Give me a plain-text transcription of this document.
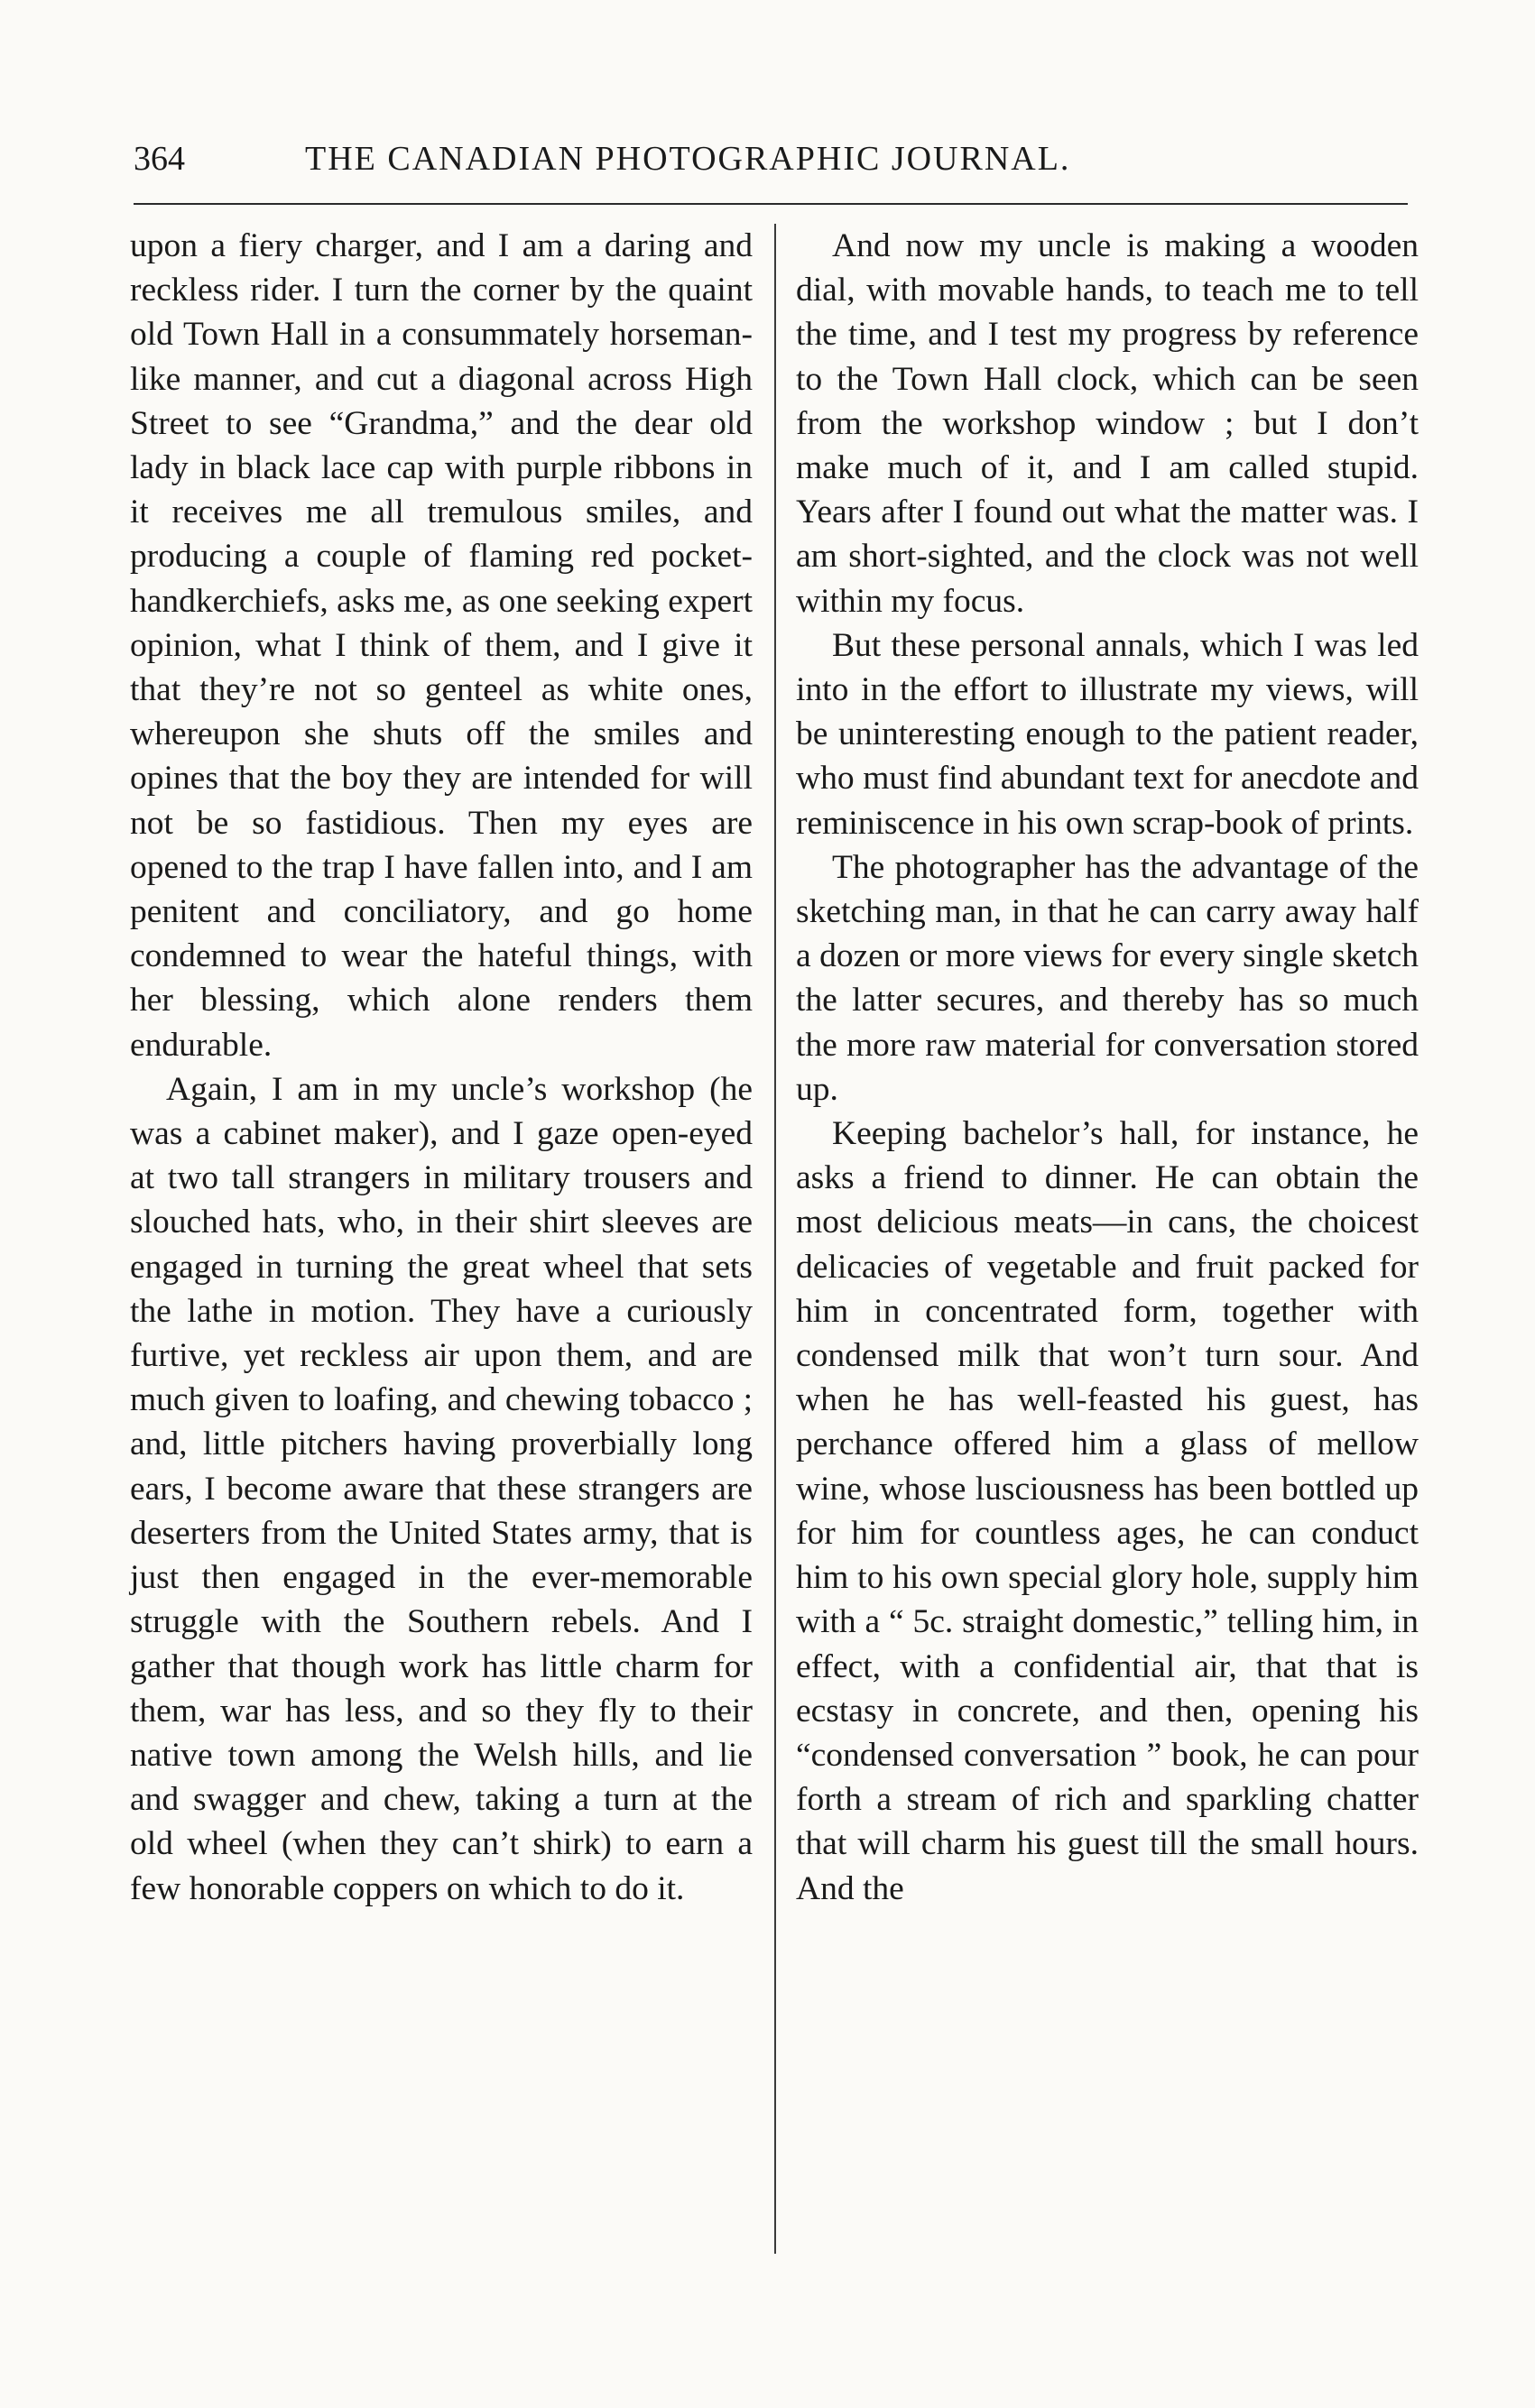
364	THE CANADIAN PHOTOGRAPHIC JOURNAL.

upon a fiery charger, and I am a daring and reckless rider. I turn the corner by the quaint old Town Hall in a consummately horseman-like manner, and cut a diagonal across High Street to see “Grandma,” and the dear old lady in black lace cap with purple ribbons in it receives me all tremulous smiles, and producing a couple of flaming red pocket-handkerchiefs, asks me, as one seeking expert opinion, what I think of them, and I give it that they’re not so genteel as white ones, whereupon she shuts off the smiles and opines that the boy they are intended for will not be so fastidious. Then my eyes are opened to the trap I have fallen into, and I am penitent and conciliatory, and go home condemned to wear the hateful things, with her blessing, which alone renders them endurable.

Again, I am in my uncle’s workshop (he was a cabinet maker), and I gaze open-eyed at two tall strangers in military trousers and slouched hats, who, in their shirt sleeves are engaged in turning the great wheel that sets the lathe in motion. They have a curiously furtive, yet reckless air upon them, and are much given to loafing, and chewing tobacco ; and, little pitchers having proverbially long ears, I become aware that these strangers are deserters from the United States army, that is just then engaged in the ever-memorable struggle with the Southern rebels. And I gather that though work has little charm for them, war has less, and so they fly to their native town among the Welsh hills, and lie and swagger and chew, taking a turn at the old wheel (when they can’t shirk) to earn a few honorable coppers on which to do it.

And now my uncle is making a wooden dial, with movable hands, to teach me to tell the time, and I test my progress by reference to the Town Hall clock, which can be seen from the workshop window ; but I don’t make much of it, and I am called stupid. Years after I found out what the matter was. I am short-sighted, and the clock was not well within my focus.

But these personal annals, which I was led into in the effort to illustrate my views, will be uninteresting enough to the patient reader, who must find abundant text for anecdote and reminiscence in his own scrap-book of prints.

The photographer has the advantage of the sketching man, in that he can carry away half a dozen or more views for every single sketch the latter secures, and thereby has so much the more raw material for conversation stored up.

Keeping bachelor’s hall, for instance, he asks a friend to dinner. He can obtain the most delicious meats—in cans, the choicest delicacies of vegetable and fruit packed for him in concentrated form, together with condensed milk that won’t turn sour. And when he has well-feasted his guest, has perchance offered him a glass of mellow wine, whose lusciousness has been bottled up for him for countless ages, he can conduct him to his own special glory hole, supply him with a “ 5c. straight domestic,” telling him, in effect, with a confidential air, that that is ecstasy in concrete, and then, opening his “condensed conversation ” book, he can pour forth a stream of rich and sparkling chatter that will charm his guest till the small hours. And the
